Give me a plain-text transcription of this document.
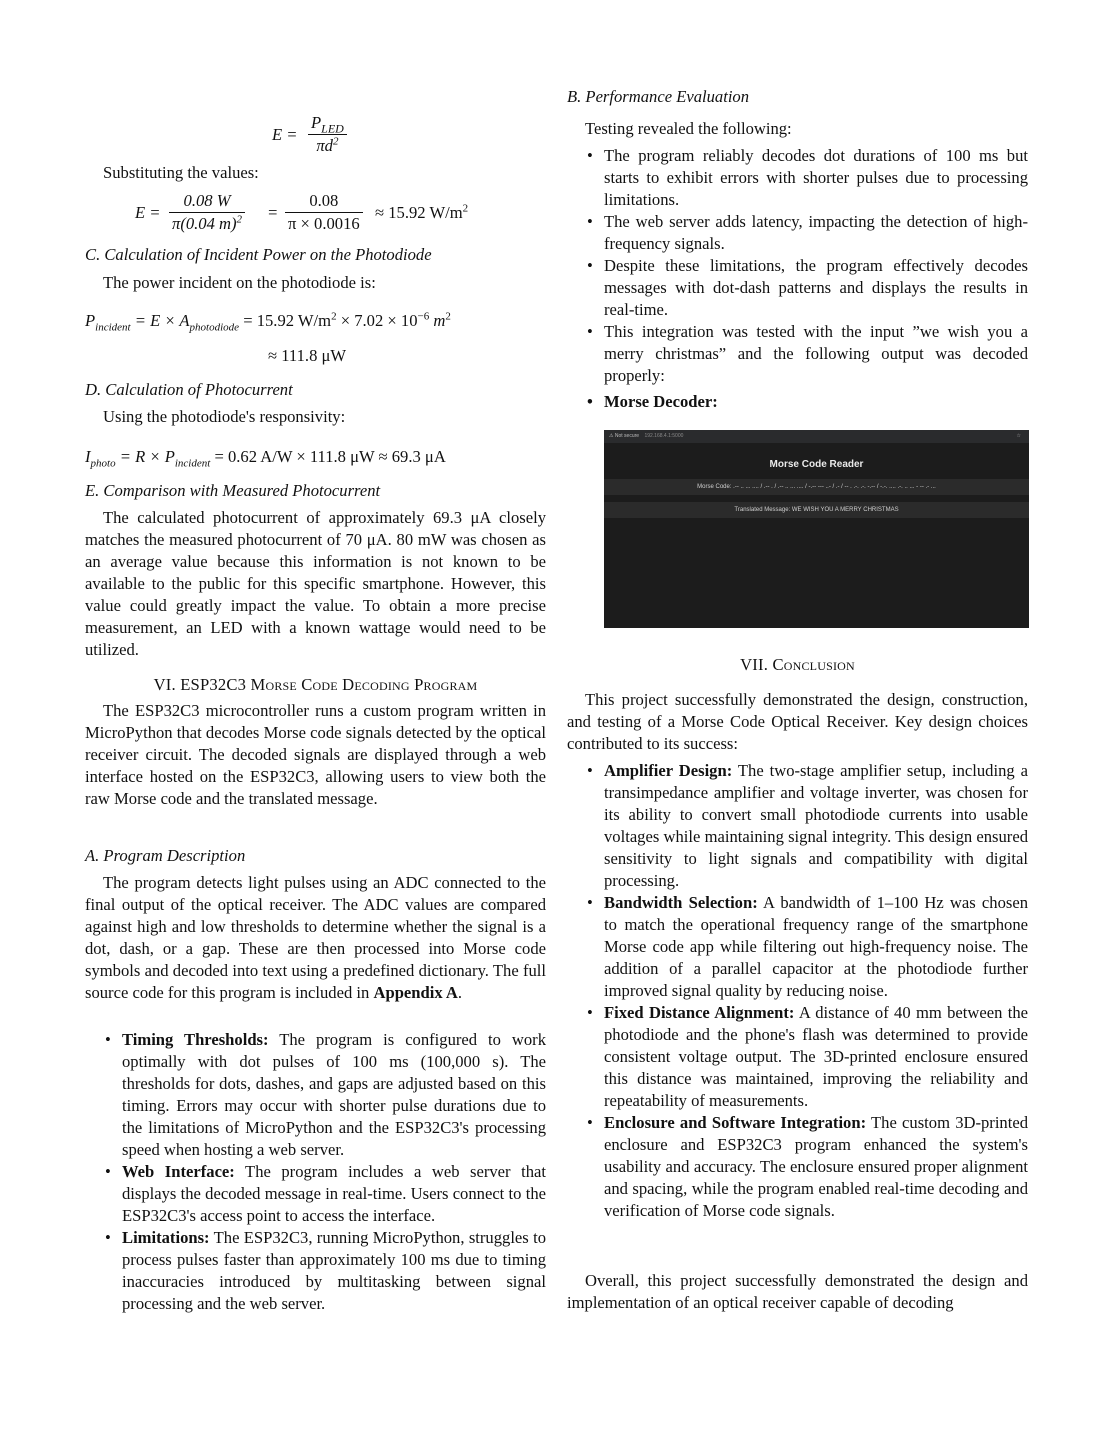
E =
$P_{LED}$
$\pi d^2$

Substituting the values:

$E = \frac{0.08 W}{\pi(0.04 m)^2} = \frac{0.08}{\pi \times 0.0016} \approx 15.92$ $W/m^2$

C. Calculation of Incident Power on the Photodiode

The power incident on the photodiode is:

$P_{incident} = E \times A_{photodiode} = 15.92$ $W/m^2 \times 7.02 \times 10^{-6}$ $m^2$
≈ 111.8 μW

D. Calculation of Photocurrent

Using the photodiode's responsivity:

$I_{photo} = R \times P_{incident} = 0.62$ A/W × 111.8 μW ≈ 69.3 μA

E. Comparison with Measured Photocurrent

The calculated photocurrent of approximately 69.3 μA closely matches the measured photocurrent of 70 μA. 80 mW was chosen as an average value because this information is not known to be available to the public for this specific smartphone. However, this value could greatly impact the value. To obtain a more precise measurement, an LED with a known wattage would need to be utilized.

VI. ESP32C3 Morse Code Decoding Program

The ESP32C3 microcontroller runs a custom program written in MicroPython that decodes Morse code signals detected by the optical receiver circuit. The decoded signals are displayed through a web interface hosted on the ESP32C3, allowing users to view both the raw Morse code and the translated message.

A. Program Description

The program detects light pulses using an ADC connected to the final output of the optical receiver. The ADC values are compared against high and low thresholds to determine whether the signal is a dot, dash, or a gap. These are then processed into Morse code symbols and decoded into text using a predefined dictionary. The full source code for this program is included in Appendix A.

• Timing Thresholds: The program is configured to work optimally with dot pulses of 100 ms (100,000 s). The thresholds for dots, dashes, and gaps are adjusted based on this timing. Errors may occur with shorter pulse durations due to the limitations of MicroPython and the ESP32C3's processing speed when hosting a web server.
• Web Interface: The program includes a web server that displays the decoded message in real-time. Users connect to the ESP32C3's access point to access the interface.
• Limitations: The ESP32C3, running MicroPython, struggles to process pulses faster than approximately 100 ms due to timing inaccuracies introduced by multitasking between signal processing and the web server.

B. Performance Evaluation

Testing revealed the following:

• The program reliably decodes dot durations of 100 ms but starts to exhibit errors with shorter pulses due to processing limitations.
• The web server adds latency, impacting the detection of high-frequency signals.
• Despite these limitations, the program effectively decodes messages with dot-dash patterns and displays the results in real-time.
• This integration was tested with the input ”we wish you a merry christmas” and the following output was decoded properly:
• Morse Decoder:
⚠ Not secure 192.168.4.1:5000	☆
Morse Code Reader
Morse Code: .-- .. ... .... / .-- . / .-- .. ... .... / -.-- --- ..- / .- / -- . .-. .-. -.-- / -.-. .... .-. .. ... - -- .- ...
Translated Message: WE WISH YOU A MERRY CHRISTMAS

VII. Conclusion

This project successfully demonstrated the design, construction, and testing of a Morse Code Optical Receiver. Key design choices contributed to its success:

• Amplifier Design: The two-stage amplifier setup, including a transimpedance amplifier and voltage inverter, was chosen for its ability to convert small photodiode currents into usable voltages while maintaining signal integrity. This design ensured sensitivity to light signals and compatibility with digital processing.
• Bandwidth Selection: A bandwidth of 1–100 Hz was chosen to match the operational frequency range of the smartphone Morse code app while filtering out high-frequency noise. The addition of a parallel capacitor at the photodiode further improved signal quality by reducing noise.
• Fixed Distance Alignment: A distance of 40 mm between the photodiode and the phone's flash was determined to provide consistent voltage output. The 3D-printed enclosure ensured this distance was maintained, improving the reliability and repeatability of measurements.
• Enclosure and Software Integration: The custom 3D-printed enclosure and ESP32C3 program enhanced the system's usability and accuracy. The enclosure ensured proper alignment and spacing, while the program enabled real-time decoding and verification of Morse code signals.

Overall, this project successfully demonstrated the design and implementation of an optical receiver capable of decoding
